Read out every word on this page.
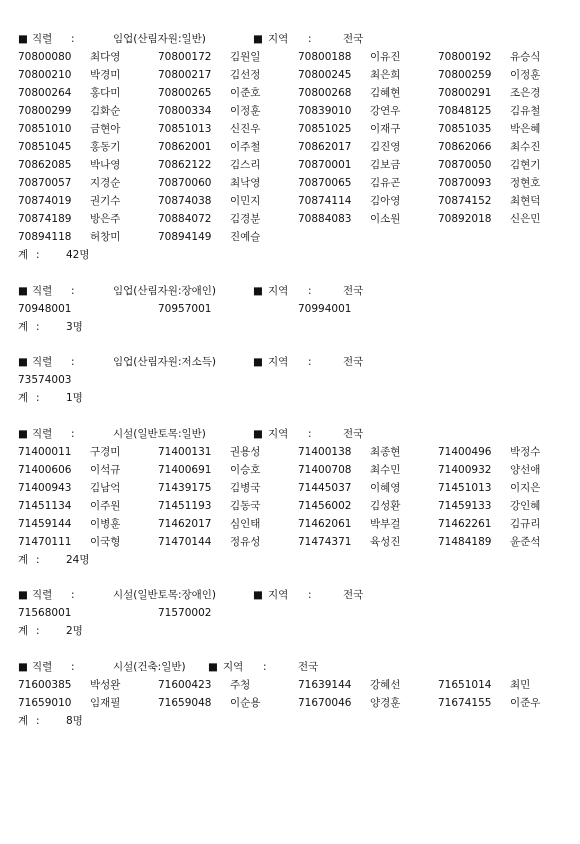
■ 직렬 :	임업(산림자원:일반)	■ 지역 :	전국
70800080 최다영	70800172 김원일	70800188 이유진	70800192 유승식
70800210 박경미	70800217 김선정	70800245 최은희	70800259 이정훈
70800264 홍다미	70800265 이준호	70800268 김혜현	70800291 조은경
70800299 김화순	70800334 이정훈	70839010 강연우	70848125 김유철
70851010 금현아	70851013 신진우	70851025 이재구	70851035 박은혜
70851045 홍동기	70862001 이주철	70862017 김진영	70862066 최수진
70862085 박나영	70862122 김스리	70870001 김보금	70870050 김현기
70870057 지경순	70870060 최낙영	70870065 김유곤	70870093 정현호
70874019 권기수	70874038 이민지	70874114 김아영	70874152 최현덕
70874189 방은주	70884072 김경분	70884083 이소원	70892018 신은민
70894118 허창미	70894149 진예슬
계 :	42명
■ 직렬 :	임업(산림자원:장애인)	■ 지역 :	전국
70948001	70957001	70994001
계 :	3명
■ 직렬 :	임업(산림자원:저소득)	■ 지역 :	전국
73574003
계 :	1명
■ 직렬 :	시설(일반토목:일반)	■ 지역 :	전국
71400011 구경미	71400131 권용성	71400138 최종현	71400496 박정수
71400606 이석규	71400691 이승호	71400708 최수민	71400932 양선애
71400943 김남억	71439175 김병국	71445037 이혜영	71451013 이지은
71451134 이주원	71451193 김동국	71456002 김성환	71459133 강인혜
71459144 이병훈	71462017 심인태	71462061 박부걸	71462261 김규리
71470111 이국형	71470144 정유성	71474371 육성진	71484189 윤준석
계 :	24명
■ 직렬 :	시설(일반토목:장애인)	■ 지역 :	전국
71568001	71570002
계 :	2명
■ 직렬 :	시설(건축:일반) ■ 지역 :	전국
71600385 박성완	71600423 주청	71639144 강혜선	71651014 최민
71659010 임재필	71659048 이순용	71670046 양경훈	71674155 이준우
계 :	8명
